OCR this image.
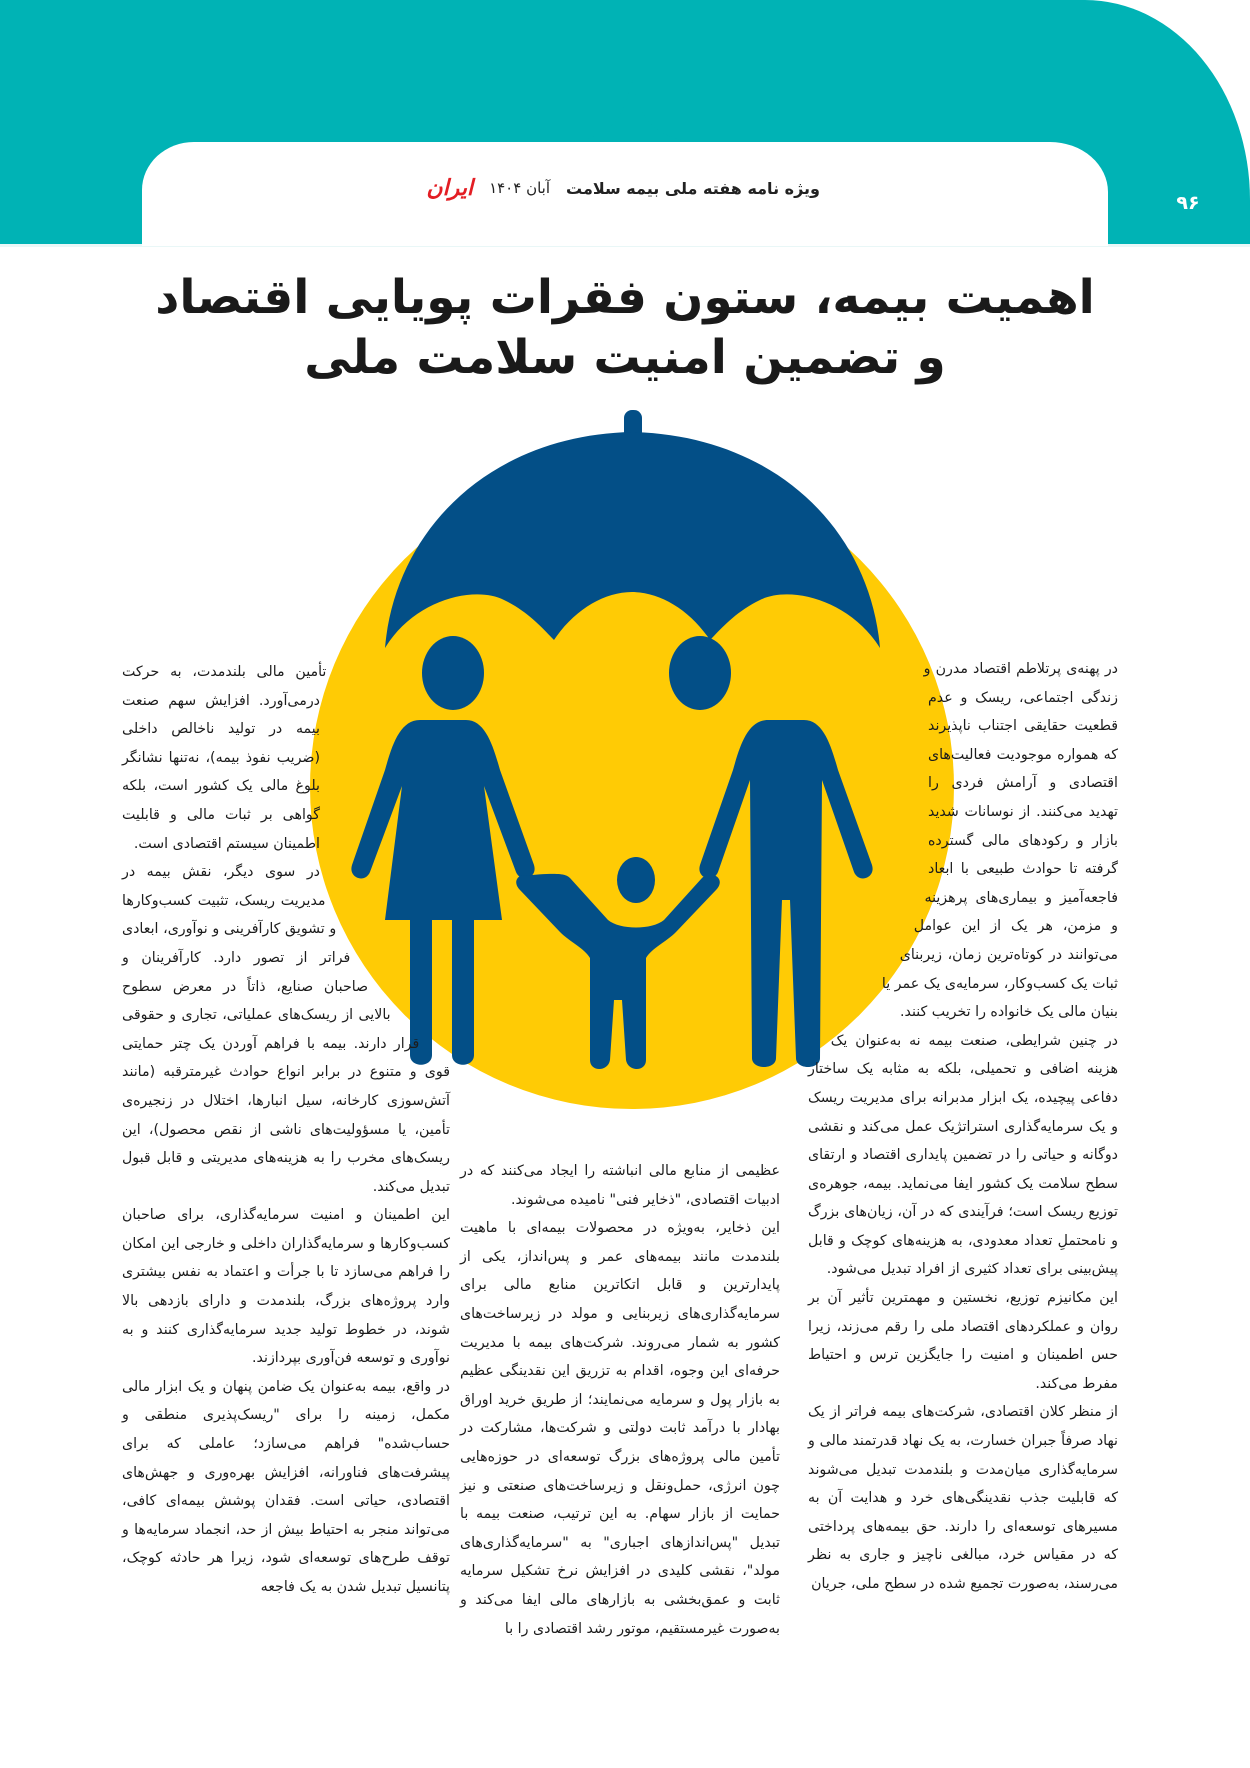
ویژه نامه هفته ملی بیمه سلامت
آبان ۱۴۰۴
ایران
۹۶
اهمیت بیمه، ستون فقرات پویایی اقتصاد
و تضمین امنیت سلامت ملی

در پهنه‌ی پرتلاطم اقتصاد مدرن و زندگی اجتماعی، ریسک و عدم قطعیت حقایقی اجتناب ناپذیرند که همواره موجودیت فعالیت‌های اقتصادی و آرامش فردی را تهدید می‌کنند. از نوسانات شدید بازار و رکودهای مالی گسترده گرفته تا حوادث طبیعی با ابعاد فاجعه‌آمیز و بیماری‌های پرهزینه و مزمن، هر یک از این عوامل می‌توانند در کوتاه‌ترین زمان، زیربنای ثبات یک کسب‌وکار، سرمایه‌ی یک عمر یا بنیان مالی یک خانواده را تخریب کنند.

در چنین شرایطی، صنعت بیمه نه به‌عنوان یک هزینه اضافی و تحمیلی، بلکه به مثابه یک ساختار دفاعی پیچیده، یک ابزار مدبرانه برای مدیریت ریسک و یک سرمایه‌گذاری استراتژیک عمل می‌کند و نقشی دوگانه و حیاتی را در تضمین پایداری اقتصاد و ارتقای سطح سلامت یک کشور ایفا می‌نماید. بیمه، جوهره‌ی توزیع ریسک است؛ فرآیندی که در آن، زیان‌های بزرگ و نامحتملِ تعداد معدودی، به هزینه‌های کوچک و قابل پیش‌بینی برای تعداد کثیری از افراد تبدیل می‌شود.

این مکانیزم توزیع، نخستین و مهمترین تأثیر آن بر روان و عملکردهای اقتصاد ملی را رقم می‌زند، زیرا حس اطمینان و امنیت را جایگزین ترس و احتیاط مفرط می‌کند.

از منظر کلان اقتصادی، شرکت‌های بیمه فراتر از یک نهاد صرفاً جبران خسارت، به یک نهاد قدرتمند مالی و سرمایه‌گذاری میان‌مدت و بلندمدت تبدیل می‌شوند که قابلیت جذب نقدینگی‌های خرد و هدایت آن به مسیرهای توسعه‌ای را دارند. حق بیمه‌های پرداختی که در مقیاس خرد، مبالغی ناچیز و جاری به نظر می‌رسند، به‌صورت تجمیع شده در سطح ملی، جریان

عظیمی از منابع مالی انباشته را ایجاد می‌کنند که در ادبیات اقتصادی، "ذخایر فنی" نامیده می‌شوند.

این ذخایر، به‌ویژه در محصولات بیمه‌ای با ماهیت بلندمدت مانند بیمه‌های عمر و پس‌انداز، یکی از پایدارترین و قابل اتکاترین منابع مالی برای سرمایه‌گذاری‌های زیربنایی و مولد در زیرساخت‌های کشور به شمار می‌روند. شرکت‌های بیمه با مدیریت حرفه‌ای این وجوه، اقدام به تزریق این نقدینگی عظیم به بازار پول و سرمایه می‌نمایند؛ از طریق خرید اوراق بهادار با درآمد ثابت دولتی و شرکت‌ها، مشارکت در تأمین مالی پروژه‌های بزرگ توسعه‌ای در حوزه‌هایی چون انرژی، حمل‌ونقل و زیرساخت‌های صنعتی و نیز حمایت از بازار سهام. به این ترتیب، صنعت بیمه با تبدیل "پس‌اندازهای اجباری" به "سرمایه‌گذاری‌های مولد"، نقشی کلیدی در افزایش نرخ تشکیل سرمایه ثابت و عمق‌بخشی به بازارهای مالی ایفا می‌کند و به‌صورت غیرمستقیم، موتور رشد اقتصادی را با

تأمین مالی بلندمدت، به حرکت درمی‌آورد. افزایش سهم صنعت بیمه در تولید ناخالص داخلی (ضریب نفوذ بیمه)، نه‌تنها نشانگر بلوغ مالی یک کشور است، بلکه گواهی بر ثبات مالی و قابلیت اطمینان سیستم اقتصادی است.

در سوی دیگر، نقش بیمه در مدیریت ریسک، تثبیت کسب‌وکارها و تشویق کارآفرینی و نوآوری، ابعادی فراتر از تصور دارد. کارآفرینان و صاحبان صنایع، ذاتاً در معرض سطوح بالایی از ریسک‌های عملیاتی، تجاری و حقوقی قرار دارند. بیمه با فراهم آوردن یک چتر حمایتی قوی و متنوع در برابر انواع حوادث غیرمترقبه (مانند آتش‌سوزی کارخانه، سیل انبارها، اختلال در زنجیره‌ی تأمین، یا مسؤولیت‌های ناشی از نقص محصول)، این ریسک‌های مخرب را به هزینه‌های مدیریتی و قابل قبول تبدیل می‌کند.

این اطمینان و امنیت سرمایه‌گذاری، برای صاحبان کسب‌وکارها و سرمایه‌گذاران داخلی و خارجی این امکان را فراهم می‌سازد تا با جرأت و اعتماد به نفس بیشتری وارد پروژه‌های بزرگ، بلندمدت و دارای بازدهی بالا شوند، در خطوط تولید جدید سرمایه‌گذاری کنند و به نوآوری و توسعه فن‌آوری بپردازند.

در واقع، بیمه به‌عنوان یک ضامن پنهان و یک ابزار مالی مکمل، زمینه را برای "ریسک‌پذیری منطقی و حساب‌شده" فراهم می‌سازد؛ عاملی که برای پیشرفت‌های فناورانه، افزایش بهره‌وری و جهش‌های اقتصادی، حیاتی است. فقدان پوشش بیمه‌ای کافی، می‌تواند منجر به احتیاط بیش از حد، انجماد سرمایه‌ها و توقف طرح‌های توسعه‌ای شود، زیرا هر حادثه کوچک، پتانسیل تبدیل شدن به یک فاجعه
